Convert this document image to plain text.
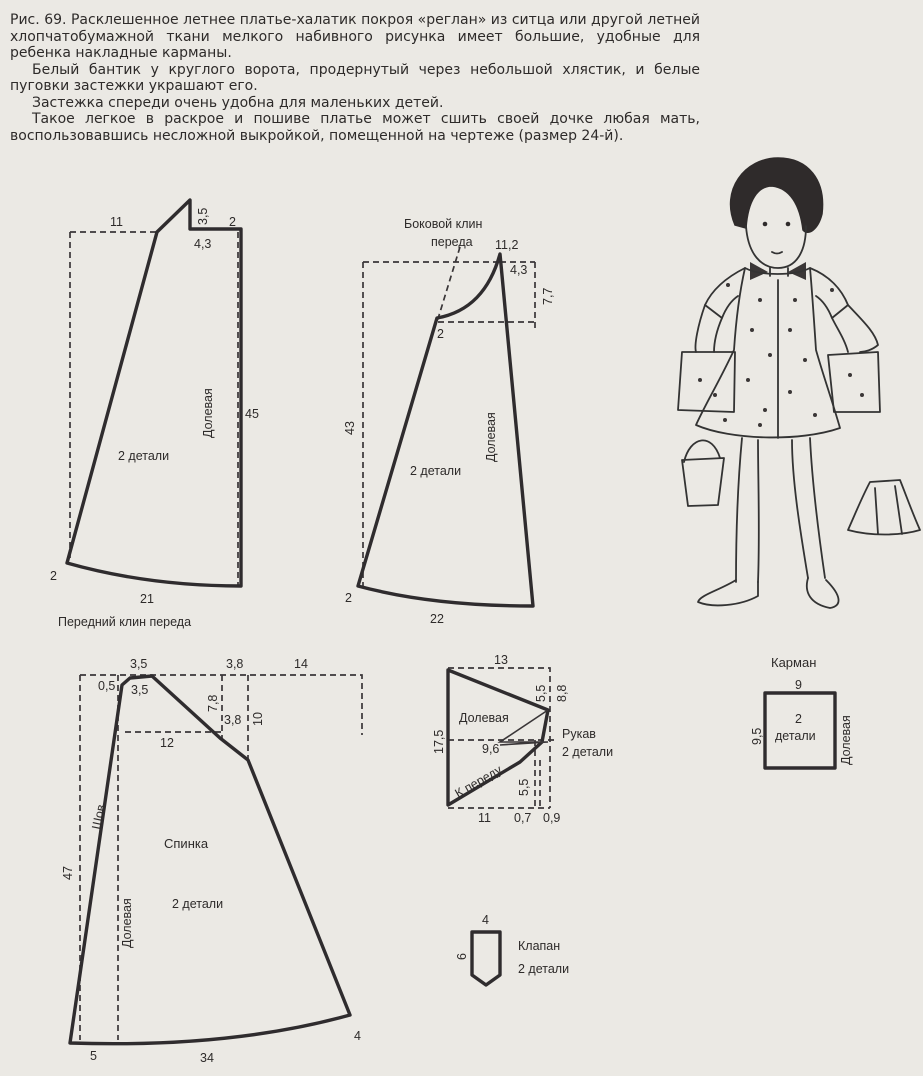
Рис. 69. Расклешенное летнее платье-халатик покроя «реглан» из ситца или другой летней хлопчатобумажной ткани мелкого набивного рисунка имеет большие, удобные для ребенка накладные карманы.

Белый бантик у круглого ворота, продернутый через небольшой хлястик, и белые пуговки застежки украшают его.

Застежка спереди очень удобна для маленьких детей.

Такое легкое в раскрое и пошиве платье может сшить своей дочке любая мать, воспользовавшись несложной выкройкой, помещенной на чертеже (размер 24-й).

11	3,5 2
4,3
45
21
2
Долевая
2 детали
Передний клин переда
Боковой клин
переда 11,2
4,3
7,7
2
43
22
2
Долевая
2 детали
3,5
3,5
0,5
3,8
3,8
7,8
14
10
12
47
34
5
4
Шов
Долевая
Спинка
2 детали
13
5,5 8,8
17,5
Долевая
9,6
К переду 5,5
11 0,7 0,9
Рукав
2 детали
4
6
Клапан
2 детали
Карман
9
9,5	Долевая
2
детали
